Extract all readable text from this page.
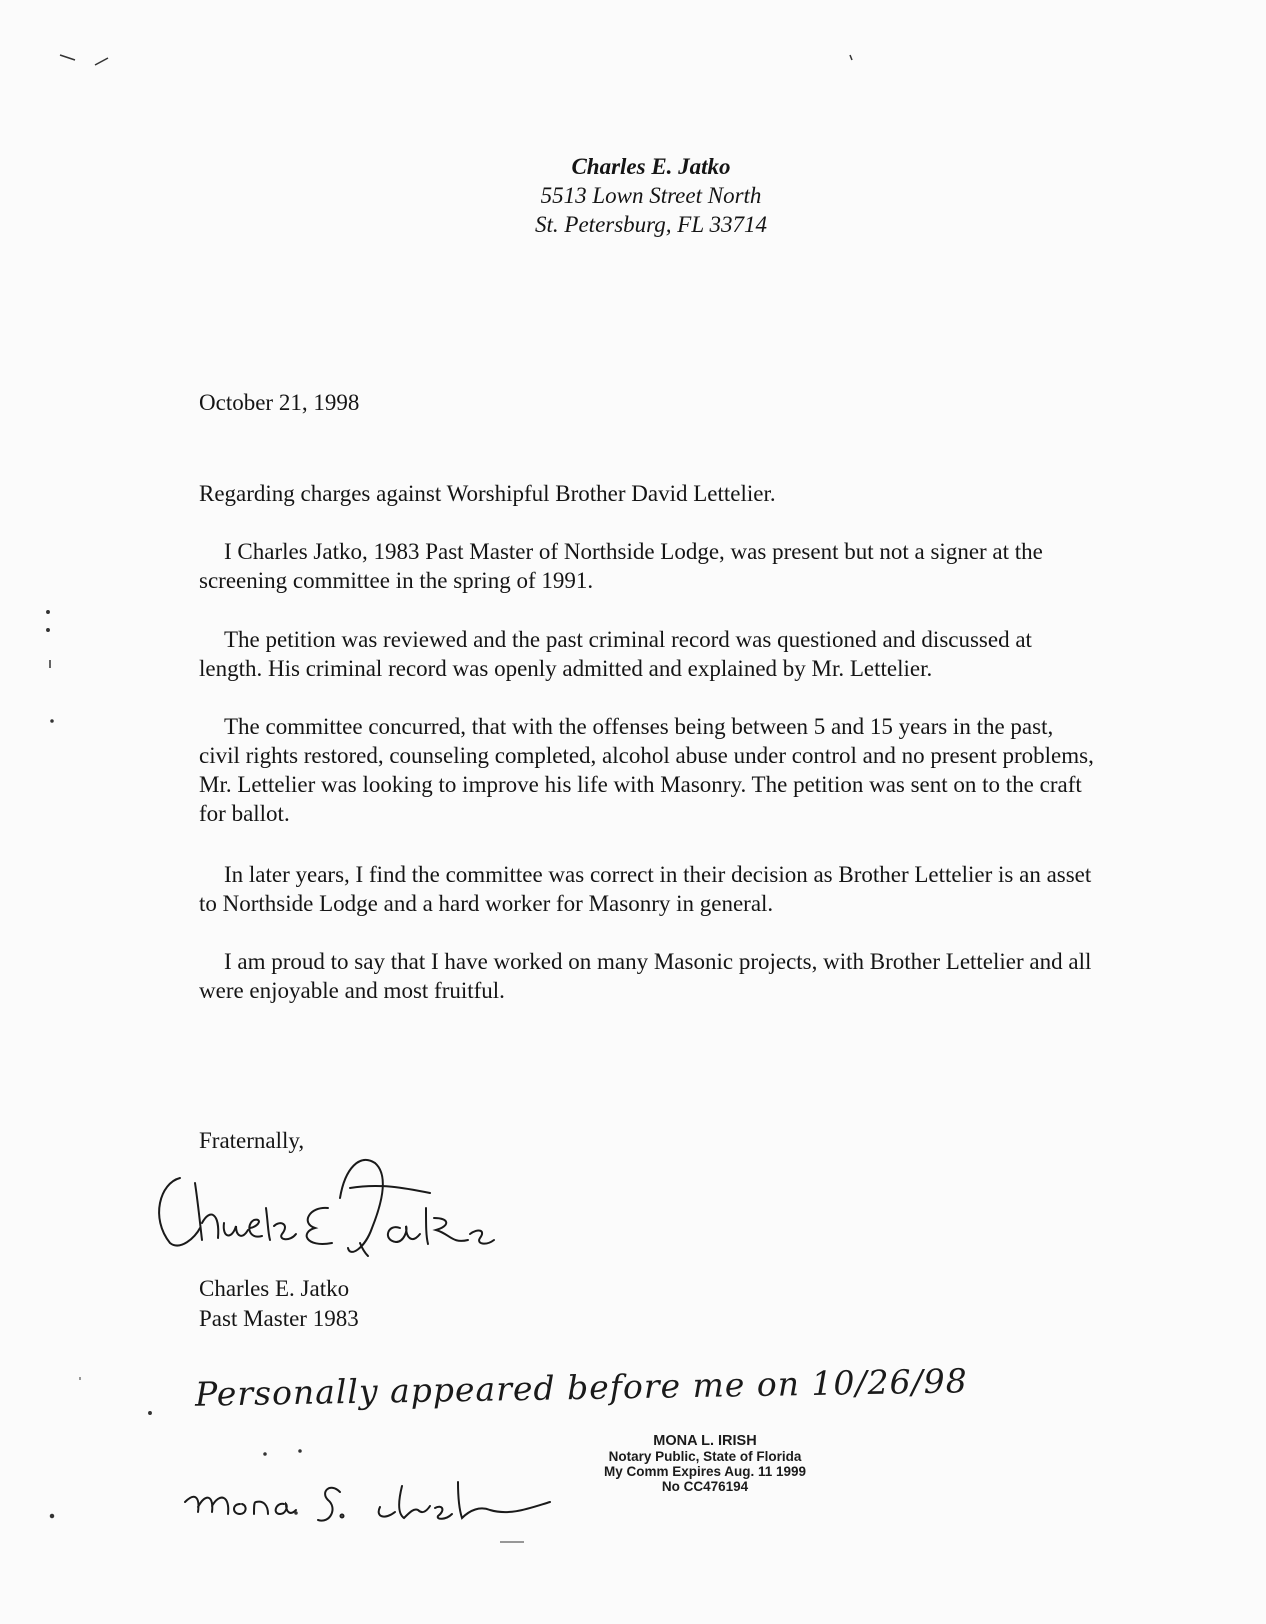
Charles E. Jatko
5513 Lown Street North
St. Petersburg, FL 33714
October 21, 1998
Regarding charges against Worshipful Brother David Lettelier.

I Charles Jatko, 1983 Past Master of Northside Lodge, was present but not a signer at the screening committee in the spring of 1991.

The petition was reviewed and the past criminal record was questioned and discussed at length. His criminal record was openly admitted and explained by Mr. Lettelier.

The committee concurred, that with the offenses being between 5 and 15 years in the past, civil rights restored, counseling completed, alcohol abuse under control and no present problems, Mr. Lettelier was looking to improve his life with Masonry. The petition was sent on to the craft for ballot.

In later years, I find the committee was correct in their decision as Brother Lettelier is an asset to Northside Lodge and a hard worker for Masonry in general.

I am proud to say that I have worked on many Masonic projects, with Brother Lettelier and all were enjoyable and most fruitful.

Fraternally,
Charles E. Jatko
Past Master 1983
Personally appeared before me on 10/26/98
MONA L. IRISH
Notary Public, State of Florida
My Comm Expires Aug. 11 1999
No CC476194
